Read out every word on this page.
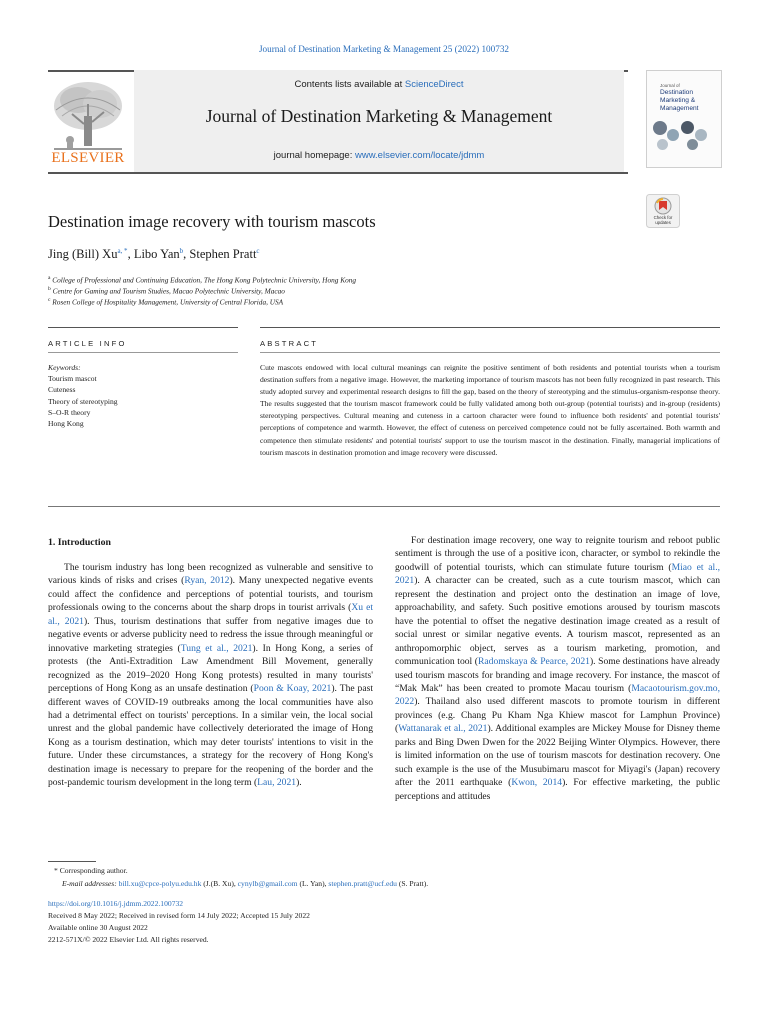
Journal of Destination Marketing & Management 25 (2022) 100732
ELSEVIER
Contents lists available at ScienceDirect
Journal of Destination Marketing & Management
journal homepage: www.elsevier.com/locate/jdmm
Journal of
Destination Marketing & Management
Destination image recovery with tourism mascots	Check for
updates
Jing (Bill) $Xu^{a, *}$, Libo Yan$^b$, Stephen Pratt$^c$
$^a$ College of Professional and Continuing Education, The Hong Kong Polytechnic University, Hong Kong
$^b$ Centre for Gaming and Tourism Studies, Macao Polytechnic University, Macao
$^c$ Rosen College of Hospitality Management, University of Central Florida, USA
ARTICLE INFO	ABSTRACT
Keywords:
Tourism mascot
Cuteness
Theory of stereotyping
S–O-R theory
Hong Kong
Cute mascots endowed with local cultural meanings can reignite the positive sentiment of both residents and potential tourists when a tourism destination suffers from a negative image. However, the marketing importance of tourism mascots has not been fully recognized in past research. This study adopted survey and experimental research designs to fill the gap, based on the theory of stereotyping and the stimulus-organism-response theory. The results suggested that the tourism mascot framework could be fully validated among both out-group (potential tourists) and in-group (residents) stereotyping perspectives. Cultural meaning and cuteness in a cartoon character were found to influence both residents' and potential tourists' perceptions of competence and warmth. However, the effect of cuteness on perceived competence could not be fully ascertained. Both warmth and competence then stimulate residents' and potential tourists' support to use the tourism mascot in the destination. Finally, managerial implications of tourism mascots in destination promotion and image recovery were discussed.
1. Introduction

The tourism industry has long been recognized as vulnerable and sensitive to various kinds of risks and crises (Ryan, 2012). Many unexpected negative events could affect the confidence and perceptions of potential tourists, and tourism professionals owing to the concerns about the sharp drops in tourist arrivals (Xu et al., 2021). Thus, tourism destinations that suffer from negative images due to negative events or adverse publicity need to redress the issue through meaningful or innovative marketing strategies (Tung et al., 2021). In Hong Kong, a series of protests (the Anti-Extradition Law Amendment Bill Movement, generally recognized as the 2019–2020 Hong Kong protests) resulted in many tourists' perceptions of Hong Kong as an unsafe destination (Poon & Koay, 2021). The past different waves of COVID-19 outbreaks among the local communities have also had a detrimental effect on tourists' perceptions. In a similar vein, the local social unrest and the global pandemic have collectively deteriorated the image of Hong Kong as a tourism destination, which may deter tourists' intentions to visit in the future. Under these circumstances, a strategy for the recovery of Hong Kong's destination image is necessary to prepare for the reopening of the border and the post-pandemic tourism development in the long term (Lau, 2021).

For destination image recovery, one way to reignite tourism and reboot public sentiment is through the use of a positive icon, character, or symbol to rekindle the goodwill of potential tourists, which can stimulate future tourism (Miao et al., 2021). A character can be created, such as a cute tourism mascot, which can represent the destination and project onto the destination an image of love, approachability, and safety. Such positive emotions aroused by tourism mascots have the potential to offset the negative destination image created as a result of social unrest or similar negative events. A tourism mascot, represented as an anthropomorphic object, serves as a tourism marketing, promotion, and communication tool (Radomskaya & Pearce, 2021). Some destinations have already used tourism mascots for branding and image recovery. For instance, the mascot of “Mak Mak” has been created to promote Macau tourism (Macaotourism.gov.mo, 2022). Thailand also used different mascots to promote tourism in different provinces (e.g. Chang Pu Kham Nga Khiew mascot for Lamphun Province) (Wattanarak et al., 2021). Additional examples are Mickey Mouse for Disney theme parks and Bing Dwen Dwen for the 2022 Beijing Winter Olympics. However, there is limited information on the use of tourism mascots for destination recovery. One such example is the use of the Musubimaru mascot for Miyagi's (Japan) recovery after the 2011 earthquake (Kwon, 2014). For effective marketing, the public perceptions and attitudes

* Corresponding author.
E-mail addresses: bill.xu@cpce-polyu.edu.hk (J.(B. Xu), cynylb@gmail.com (L. Yan), stephen.pratt@ucf.edu (S. Pratt).
https://doi.org/10.1016/j.jdmm.2022.100732
Received 8 May 2022; Received in revised form 14 July 2022; Accepted 15 July 2022
Available online 30 August 2022
2212-571X/© 2022 Elsevier Ltd. All rights reserved.
